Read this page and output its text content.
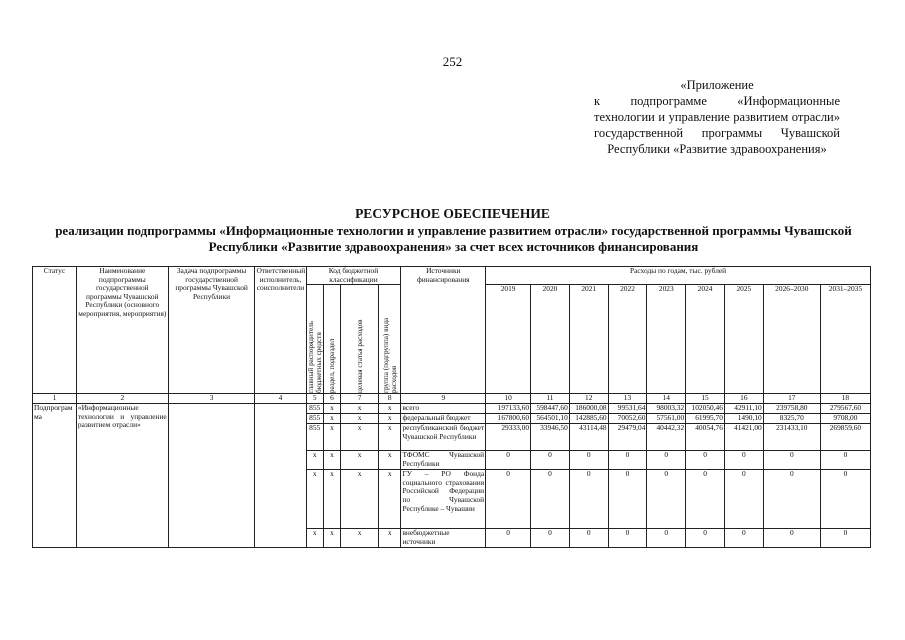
252
«Приложение

к подпрограмме «Информационные технологии и управление развитием отрасли» государственной программы Чувашской Республики «Развитие здравоохранения»

РЕСУРСНОЕ ОБЕСПЕЧЕНИЕ
реализации подпрограммы «Информационные технологии и управление развитием отрасли» государственной программы Чувашской Республики «Развитие здравоохранения» за счет всех источников финансирования
Статус	Наименование подпрограммы государственной программы Чувашской Республики (основного мероприятия, мероприятия)	Задача подпрограммы государственной программы Чувашской Республики	Ответственный исполнитель, соисполнители	Код бюджетной классификации				Источники финансирования	Расходы по годам, тыс. рублей								

				главный распорядитель бюджетных средств	раздел, подраздел	целевая статья расходов	группа (подгруппа) вида расходов		2019	2020	2021	2022	2023	2024	2025	2026–2030	2031–2035
1	2	3	4	5	6	7	8	9	10	11	12	13	14	15	16	17	18
Подпрограмма	«Информационные технологии и управление развитием отрасли»			855	x	x	x	всего	197133,60	598447,60	186000,08	99531,64	98003,32	102050,46	42911,10	239758,80	279567,60
				855	x	x	x	федеральный бюджет	167800,60	564501,10	142885,60	70052,60	57561,00	61995,70	1490,10	8325,70	9708,00
				855	x	x	x	республиканский бюджет Чувашской Республики	29333,00	33946,50	43114,48	29479,04	40442,32	40054,76	41421,00	231433,10	269859,60
				x	x	x	x	ТФОМС Чувашской Республики	0	0	0	0	0	0	0	0	0
				x	x	x	x	ГУ – РО Фонда социального страхования Российской Федерации по Чувашской Республике – Чувашии	0	0	0	0	0	0	0	0	0
				x	x	x	x	внебюджетные источники	0	0	0	0	0	0	0	0	0
